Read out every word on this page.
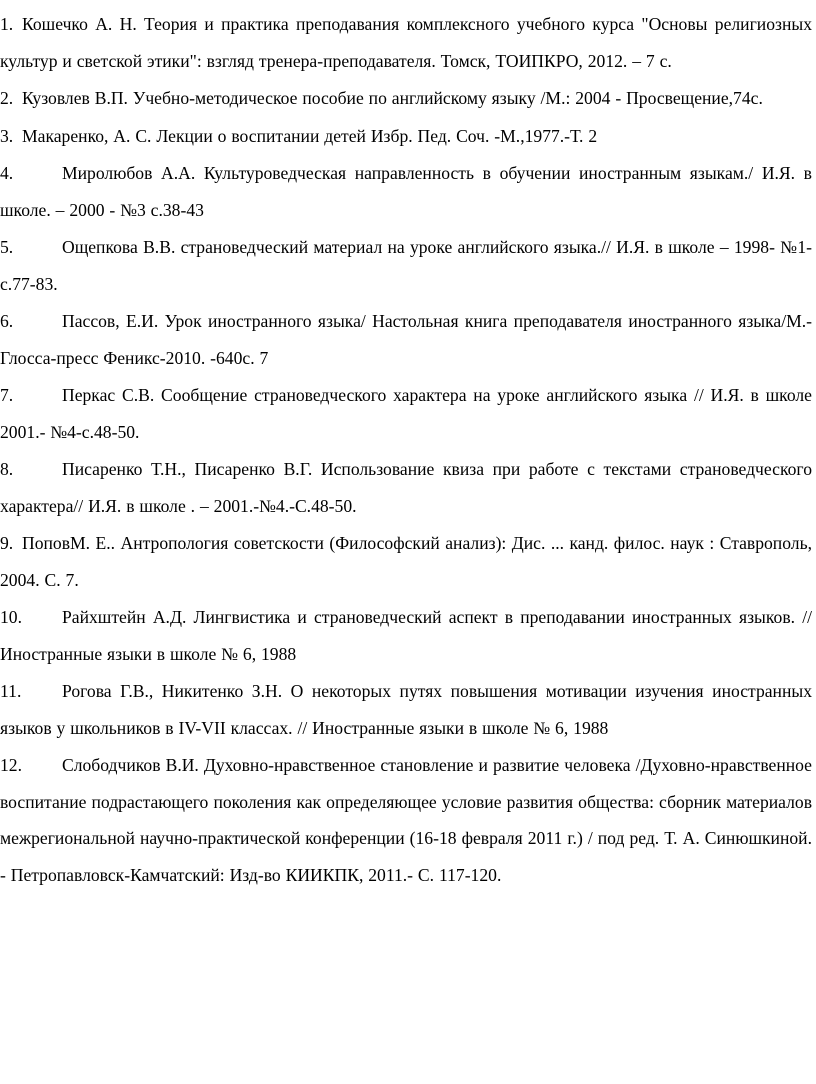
1. Кошечко А. Н. Теория и практика преподавания комплексного учебного курса "Основы религиозных культур и светской этики": взгляд тренера-преподавателя. Томск, ТОИПКРО, 2012. – 7 с.

2. Кузовлев В.П. Учебно-методическое пособие по английскому языку /М.: 2004 - Просвещение,74с.

3. Макаренко, А. С. Лекции о воспитании детей Избр. Пед. Соч. -М.,1977.-Т. 2

4.	Миролюбов А.А. Культуроведческая направленность в обучении иностранным языкам./ И.Я. в школе. – 2000 - №3 с.38-43

5.	Ощепкова В.В. страноведческий материал на уроке английского языка.// И.Я. в школе – 1998- №1- с.77-83.

6.	Пассов, Е.И. Урок иностранного языка/ Настольная книга преподавателя иностранного языка/М.-Глосса-пресс Феникс-2010. -640с. 7

7.	Перкас С.В. Сообщение страноведческого характера на уроке английского языка // И.Я. в школе 2001.- №4-с.48-50.

8.	Писаренко Т.Н., Писаренко В.Г. Использование квиза при работе с текстами страноведческого характера// И.Я. в школе . – 2001.-№4.-С.48-50.

9. ПоповМ. Е.. Антропология советскости (Философский анализ): Дис. ... канд. филос. наук : Ставрополь, 2004. С. 7.

10. Райхштейн А.Д. Лингвистика и страноведческий аспект в преподавании иностранных языков. // Иностранные языки в школе № 6, 1988

11. Рогова Г.В., Никитенко З.Н. О некоторых путях повышения мотивации изучения иностранных языков у школьников в IV-VII классах. // Иностранные языки в школе № 6, 1988

12. Слободчиков В.И. Духовно-нравственное становление и развитие человека /Духовно-нравственное воспитание подрастающего поколения как определяющее условие развития общества: сборник материалов межрегиональной научно-практической конференции (16-18 февраля 2011 г.) / под ред. Т. А. Синюшкиной. - Петропавловск-Камчатский: Изд-во КИИКПК, 2011.- С. 117-120.
